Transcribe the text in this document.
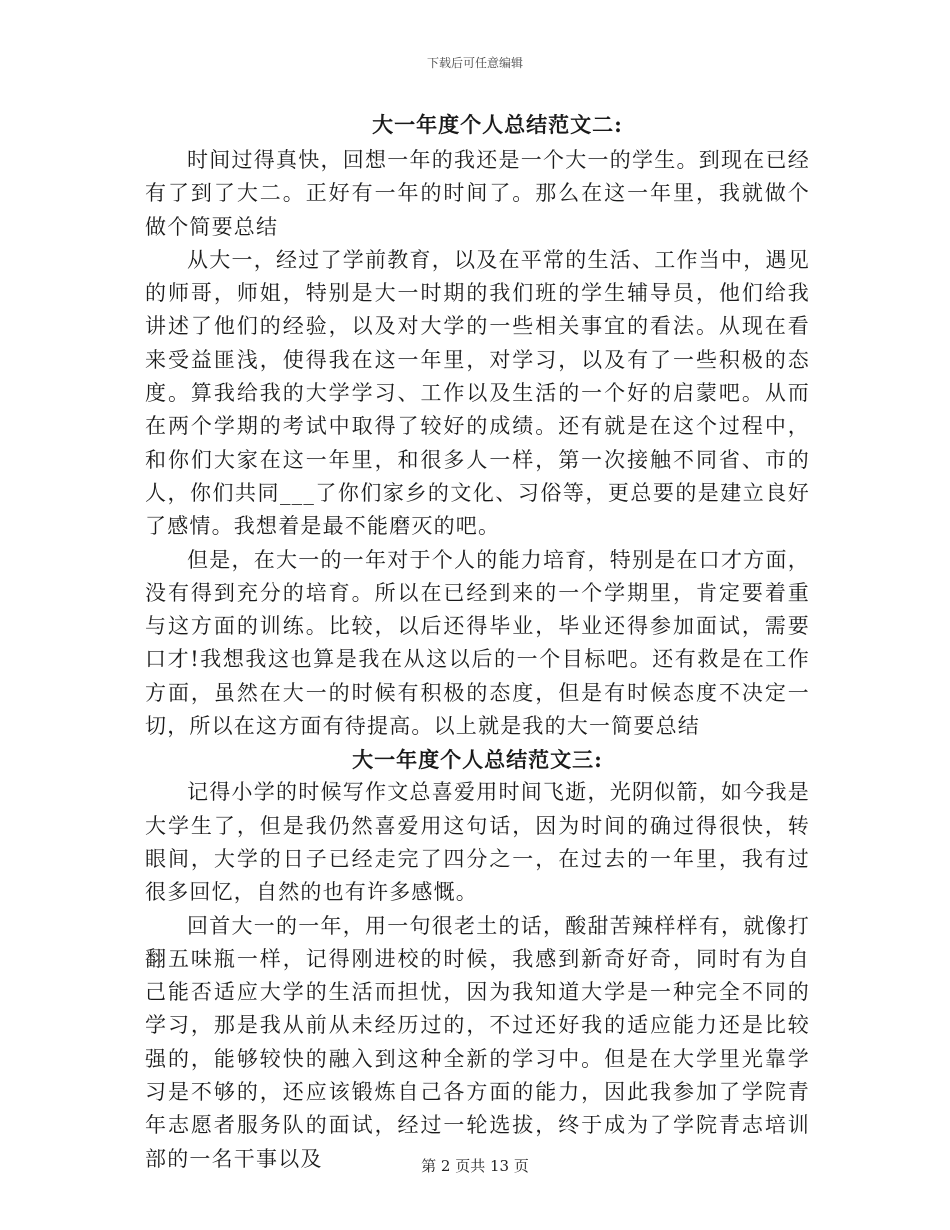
下载后可任意编辑
大一年度个人总结范文二:

时间过得真快，回想一年的我还是一个大一的学生。到现在已经有了到了大二。正好有一年的时间了。那么在这一年里，我就做个做个简要总结

从大一，经过了学前教育，以及在平常的生活、工作当中，遇见的师哥，师姐，特别是大一时期的我们班的学生辅导员，他们给我讲述了他们的经验，以及对大学的一些相关事宜的看法。从现在看来受益匪浅，使得我在这一年里，对学习，以及有了一些积极的态度。算我给我的大学学习、工作以及生活的一个好的启蒙吧。从而在两个学期的考试中取得了较好的成绩。还有就是在这个过程中，和你们大家在这一年里，和很多人一样，第一次接触不同省、市的人，你们共同___了你们家乡的文化、习俗等，更总要的是建立良好了感情。我想着是最不能磨灭的吧。

但是，在大一的一年对于个人的能力培育，特别是在口才方面，没有得到充分的培育。所以在已经到来的一个学期里，肯定要着重与这方面的训练。比较，以后还得毕业，毕业还得参加面试，需要口才!我想我这也算是我在从这以后的一个目标吧。还有救是在工作方面，虽然在大一的时候有积极的态度，但是有时候态度不决定一切，所以在这方面有待提高。以上就是我的大一简要总结

大一年度个人总结范文三:

记得小学的时候写作文总喜爱用时间飞逝，光阴似箭，如今我是大学生了，但是我仍然喜爱用这句话，因为时间的确过得很快，转眼间，大学的日子已经走完了四分之一，在过去的一年里，我有过很多回忆，自然的也有许多感慨。

回首大一的一年，用一句很老土的话，酸甜苦辣样样有，就像打翻五味瓶一样，记得刚进校的时候，我感到新奇好奇，同时有为自己能否适应大学的生活而担忧，因为我知道大学是一种完全不同的学习，那是我从前从未经历过的，不过还好我的适应能力还是比较强的，能够较快的融入到这种全新的学习中。但是在大学里光靠学习是不够的，还应该锻炼自己各方面的能力，因此我参加了学院青年志愿者服务队的面试，经过一轮选拔，终于成为了学院青志培训部的一名干事以及	第 2 页共 13 页
